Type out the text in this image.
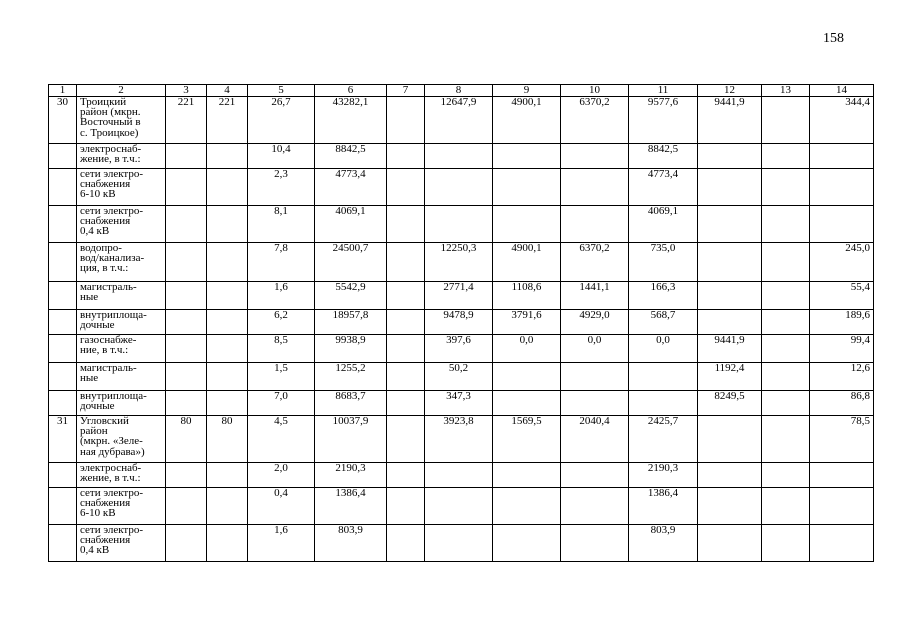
158
1	2	3	4	5	6	7	8	9	10	11	12	13	14
30	Троицкий
район (мкрн.
Восточный в
с. Троицкое)	221	221	26,7	43282,1		12647,9	4900,1	6370,2	9577,6	9441,9		344,4
	электроснаб-
жение, в т.ч.:			10,4	8842,5					8842,5			
	сети электро-
снабжения
6-10 кВ			2,3	4773,4					4773,4			
	сети электро-
снабжения
0,4 кВ			8,1	4069,1					4069,1			
	водопро-
вод/канализа-
ция, в т.ч.:			7,8	24500,7		12250,3	4900,1	6370,2	735,0			245,0
	магистраль-
ные			1,6	5542,9		2771,4	1108,6	1441,1	166,3			55,4
	внутриплоща-
дочные			6,2	18957,8		9478,9	3791,6	4929,0	568,7			189,6
	газоснабже-
ние, в т.ч.:			8,5	9938,9		397,6	0,0	0,0	0,0	9441,9		99,4
	магистраль-
ные			1,5	1255,2		50,2				1192,4		12,6
	внутриплоща-
дочные			7,0	8683,7		347,3				8249,5		86,8
31	Угловский
район
(мкрн. «Зеле-
ная дубрава»)	80	80	4,5	10037,9		3923,8	1569,5	2040,4	2425,7			78,5
	электроснаб-
жение, в т.ч.:			2,0	2190,3					2190,3			
	сети электро-
снабжения
6-10 кВ			0,4	1386,4					1386,4			
	сети электро-
снабжения
0,4 кВ			1,6	803,9					803,9			
